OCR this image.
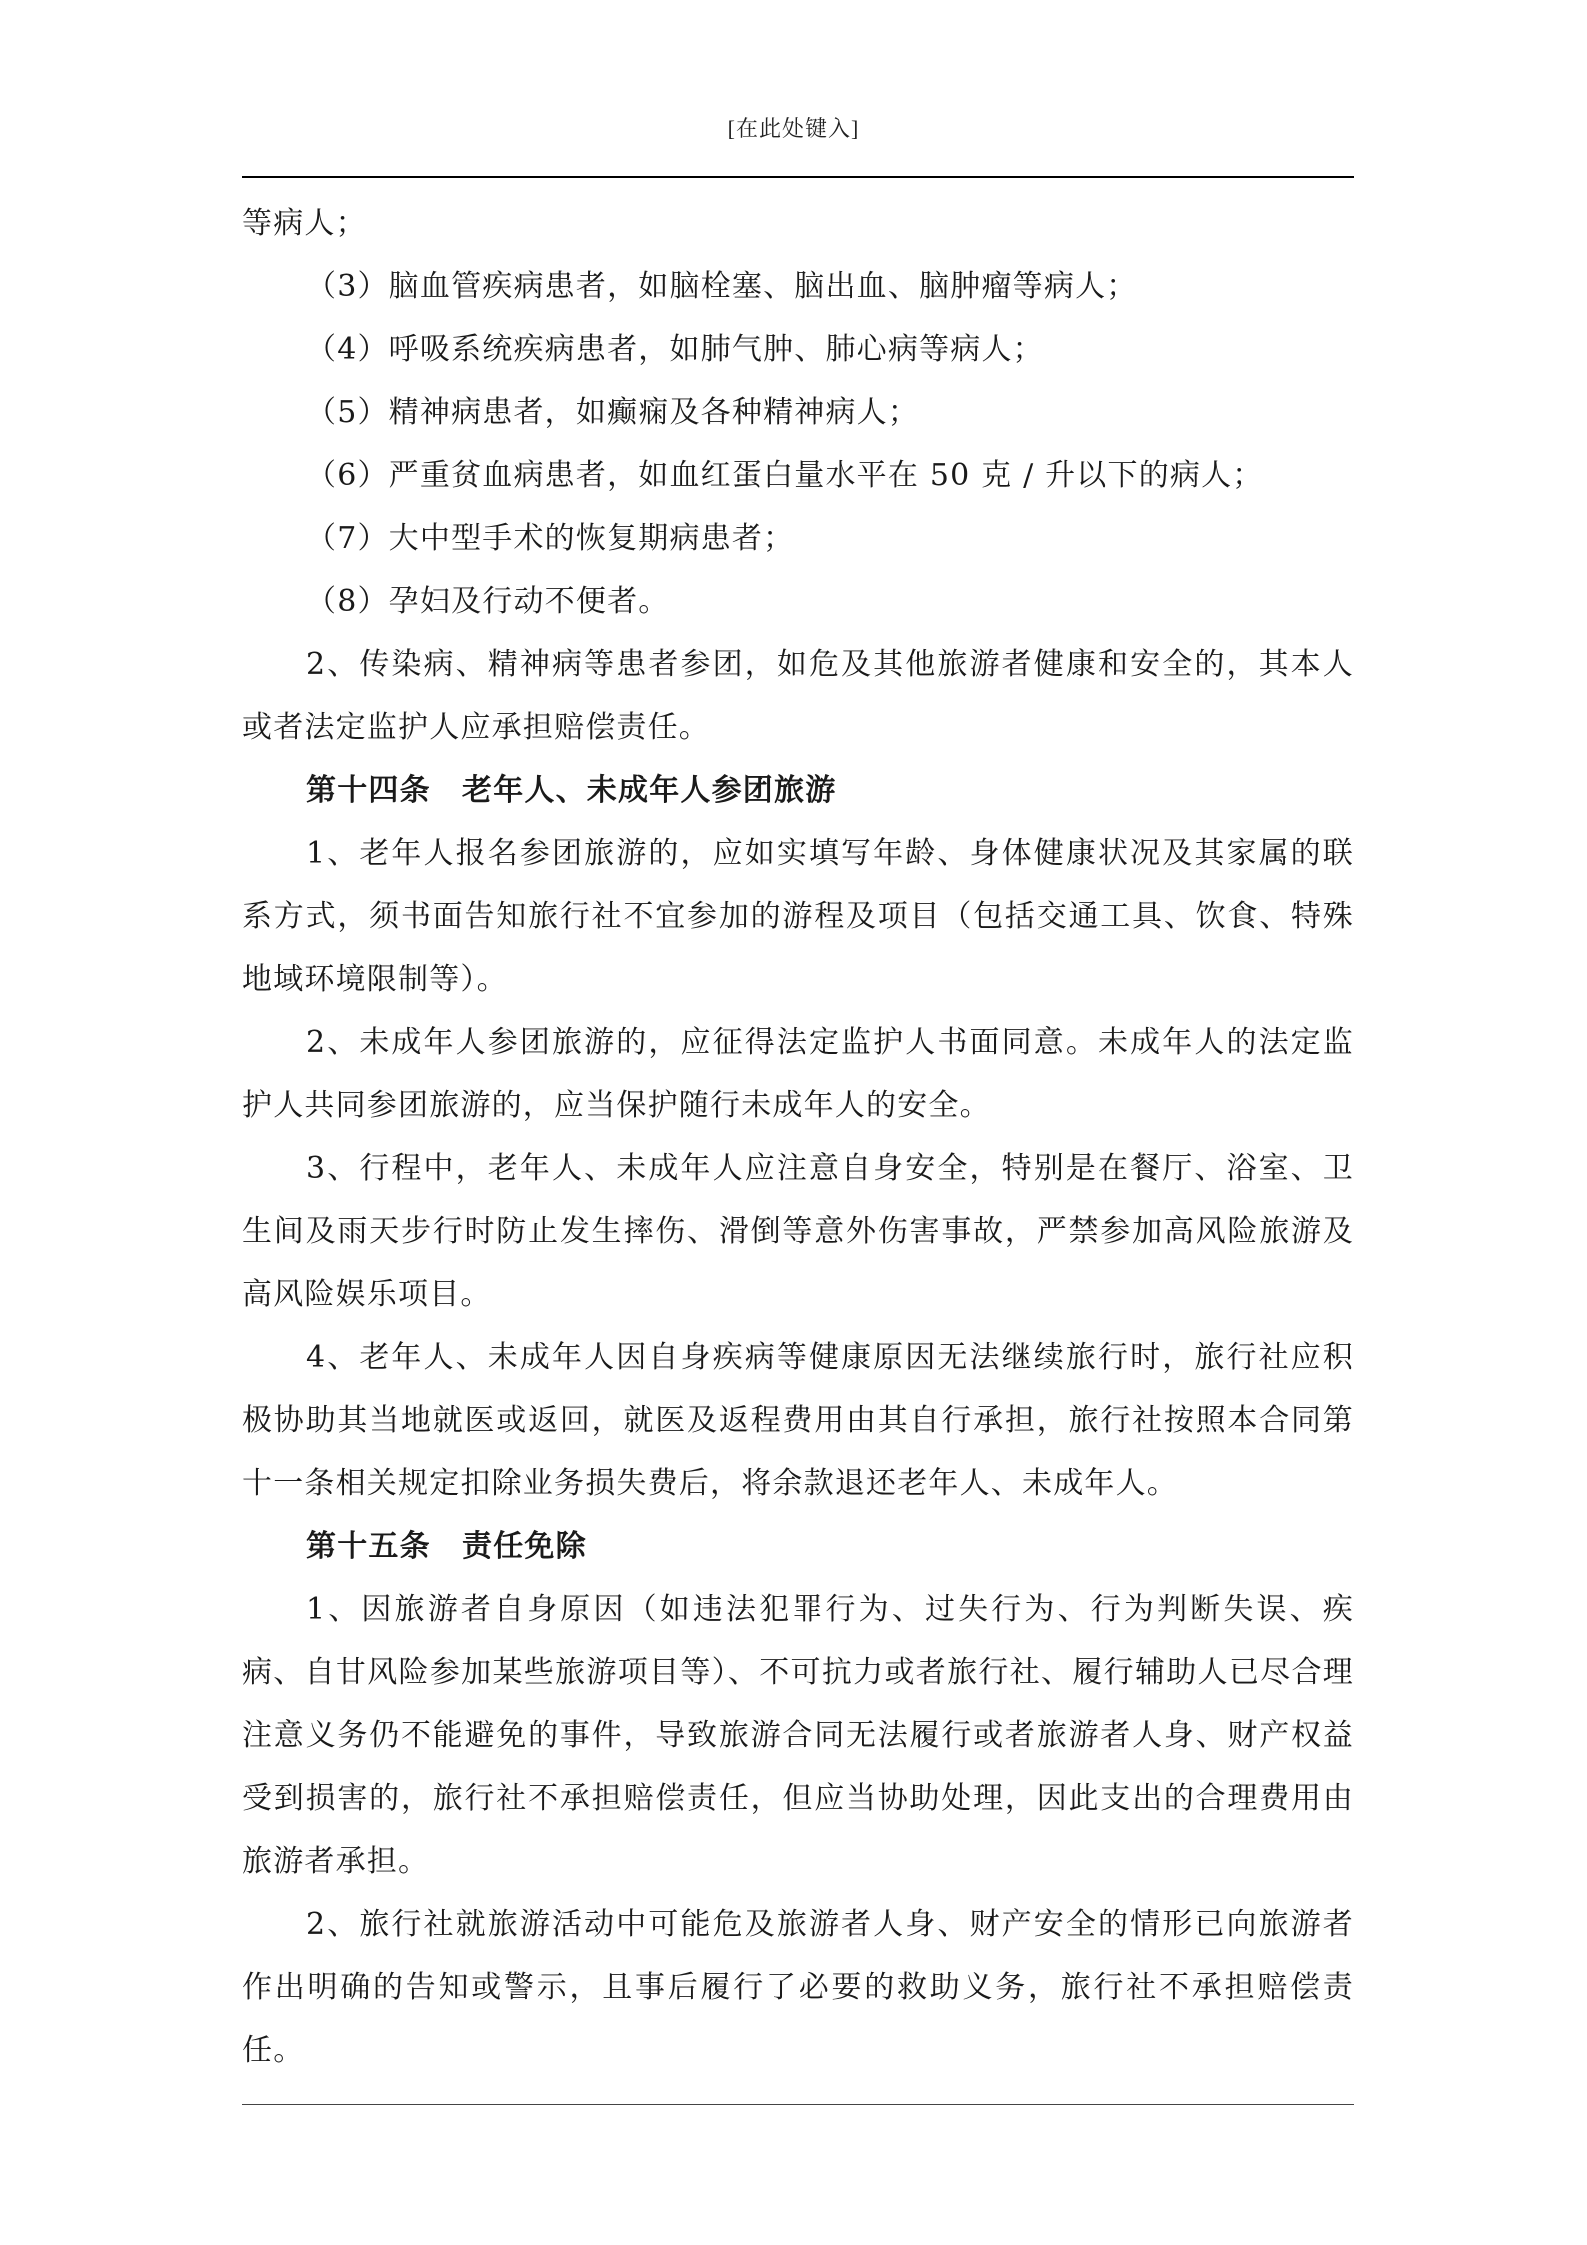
[在此处键入]

等病人；

（3）脑血管疾病患者，如脑栓塞、脑出血、脑肿瘤等病人；

（4）呼吸系统疾病患者，如肺气肿、肺心病等病人；

（5）精神病患者，如癫痫及各种精神病人；

（6）严重贫血病患者，如血红蛋白量水平在 50 克 / 升以下的病人；

（7）大中型手术的恢复期病患者；

（8）孕妇及行动不便者。

2、传染病、精神病等患者参团，如危及其他旅游者健康和安全的，其本人或者法定监护人应承担赔偿责任。

第十四条　老年人、未成年人参团旅游

1、老年人报名参团旅游的，应如实填写年龄、身体健康状况及其家属的联系方式，须书面告知旅行社不宜参加的游程及项目（包括交通工具、饮食、特殊地域环境限制等）。

2、未成年人参团旅游的，应征得法定监护人书面同意。未成年人的法定监护人共同参团旅游的，应当保护随行未成年人的安全。

3、行程中，老年人、未成年人应注意自身安全，特别是在餐厅、浴室、卫生间及雨天步行时防止发生摔伤、滑倒等意外伤害事故，严禁参加高风险旅游及高风险娱乐项目。

4、老年人、未成年人因自身疾病等健康原因无法继续旅行时，旅行社应积极协助其当地就医或返回，就医及返程费用由其自行承担，旅行社按照本合同第十一条相关规定扣除业务损失费后，将余款退还老年人、未成年人。

第十五条　责任免除

1、因旅游者自身原因（如违法犯罪行为、过失行为、行为判断失误、疾病、自甘风险参加某些旅游项目等）、不可抗力或者旅行社、履行辅助人已尽合理注意义务仍不能避免的事件，导致旅游合同无法履行或者旅游者人身、财产权益受到损害的，旅行社不承担赔偿责任，但应当协助处理，因此支出的合理费用由旅游者承担。

2、旅行社就旅游活动中可能危及旅游者人身、财产安全的情形已向旅游者作出明确的告知或警示，且事后履行了必要的救助义务，旅行社不承担赔偿责任。
